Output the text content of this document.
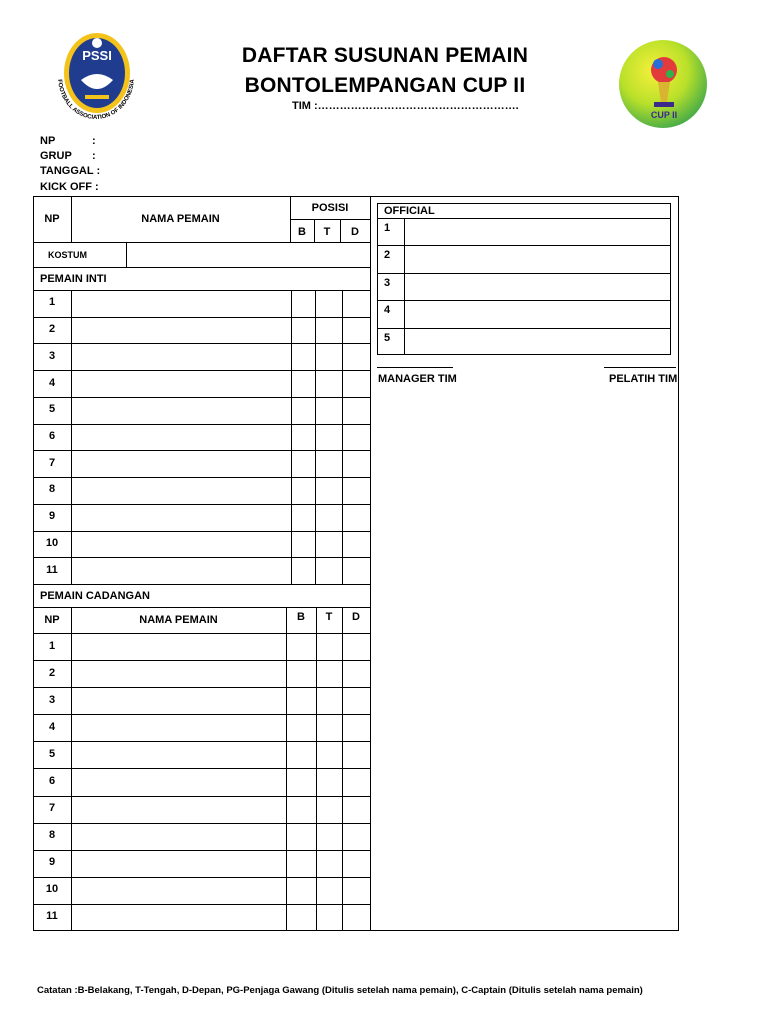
PSSI
FOOTBALL ASSOCIATION OF INDONESIA
CUP II
DAFTAR SUSUNAN PEMAIN
BONTOLEMPANGAN CUP II
TIM :……………………………………………….
NP	:
GRUP :
TANGGAL :
KICK OFF :
NP	NAMA PEMAIN
POSISI
B	T	D
KOSTUM
PEMAIN INTI
1
2
3
4
5
6
7
8
9
10
11
PEMAIN CADANGAN
NP	NAMA PEMAIN	B	T	D
1
2
3
4
5
6
7
8
9
10
11
OFFICIAL
1
2
3
4
5
MANAGER TIM	PELATIH TIM
Catatan :B-Belakang, T-Tengah, D-Depan, PG-Penjaga Gawang (Ditulis setelah nama pemain), C-Captain (Ditulis setelah nama pemain)
